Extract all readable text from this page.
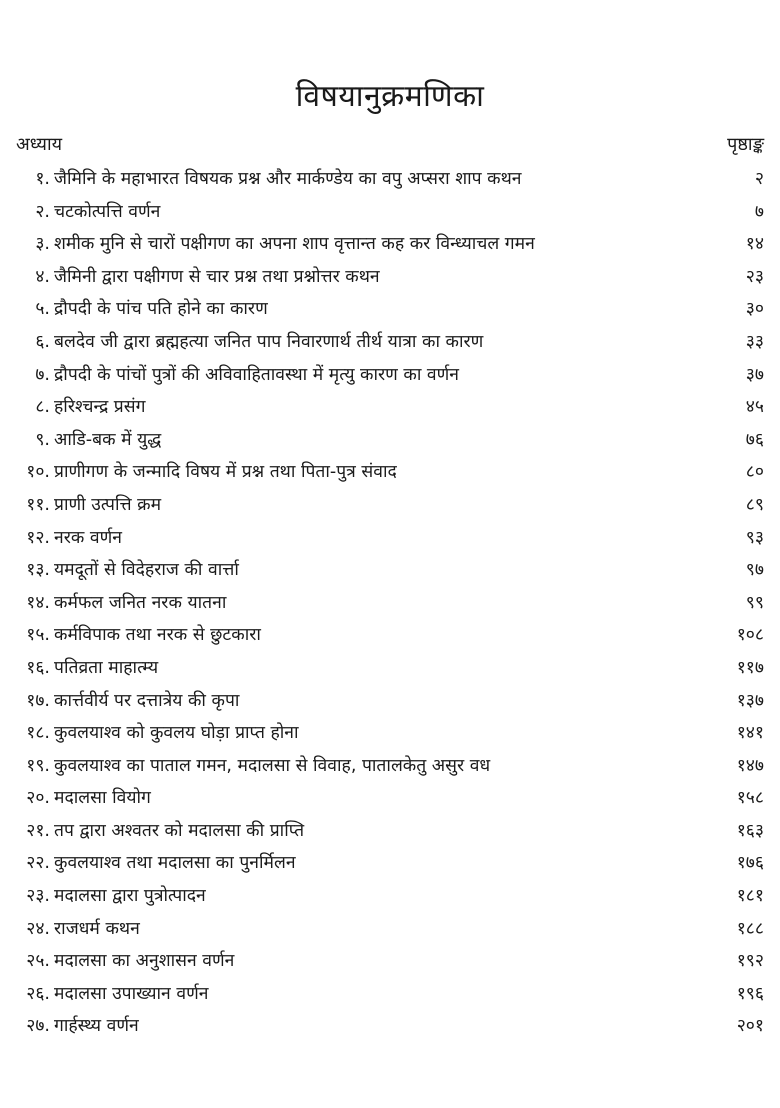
विषयानुक्रमणिका
अध्याय	पृष्ठाङ्क
१. जैमिनि के महाभारत विषयक प्रश्न और मार्कण्डेय का वपु अप्सरा शाप कथन	२
२. चटकोत्पत्ति वर्णन	७
३. शमीक मुनि से चारों पक्षीगण का अपना शाप वृत्तान्त कह कर विन्ध्याचल गमन	१४
४. जैमिनी द्वारा पक्षीगण से चार प्रश्न तथा प्रश्नोत्तर कथन	२३
५. द्रौपदी के पांच पति होने का कारण	३०
६. बलदेव जी द्वारा ब्रह्महत्या जनित पाप निवारणार्थ तीर्थ यात्रा का कारण	३३
७. द्रौपदी के पांचों पुत्रों की अविवाहितावस्था में मृत्यु कारण का वर्णन	३७
८. हरिश्चन्द्र प्रसंग	४५
९. आडि-बक में युद्ध	७६
१०. प्राणीगण के जन्मादि विषय में प्रश्न तथा पिता-पुत्र संवाद	८०
११. प्राणी उत्पत्ति क्रम	८९
१२. नरक वर्णन	९३
१३. यमदूतों से विदेहराज की वार्त्ता	९७
१४. कर्मफल जनित नरक यातना	९९
१५. कर्मविपाक तथा नरक से छुटकारा	१०८
१६. पतिव्रता माहात्म्य	११७
१७. कार्त्तवीर्य पर दत्तात्रेय की कृपा	१३७
१८. कुवलयाश्व को कुवलय घोड़ा प्राप्त होना	१४१
१९. कुवलयाश्व का पाताल गमन, मदालसा से विवाह, पातालकेतु असुर वध	१४७
२०. मदालसा वियोग	१५८
२१. तप द्वारा अश्वतर को मदालसा की प्राप्ति	१६३
२२. कुवलयाश्व तथा मदालसा का पुनर्मिलन	१७६
२३. मदालसा द्वारा पुत्रोत्पादन	१८१
२४. राजधर्म कथन	१८८
२५. मदालसा का अनुशासन वर्णन	१९२
२६. मदालसा उपाख्यान वर्णन	१९६
२७. गार्हस्थ्य वर्णन	२०१
